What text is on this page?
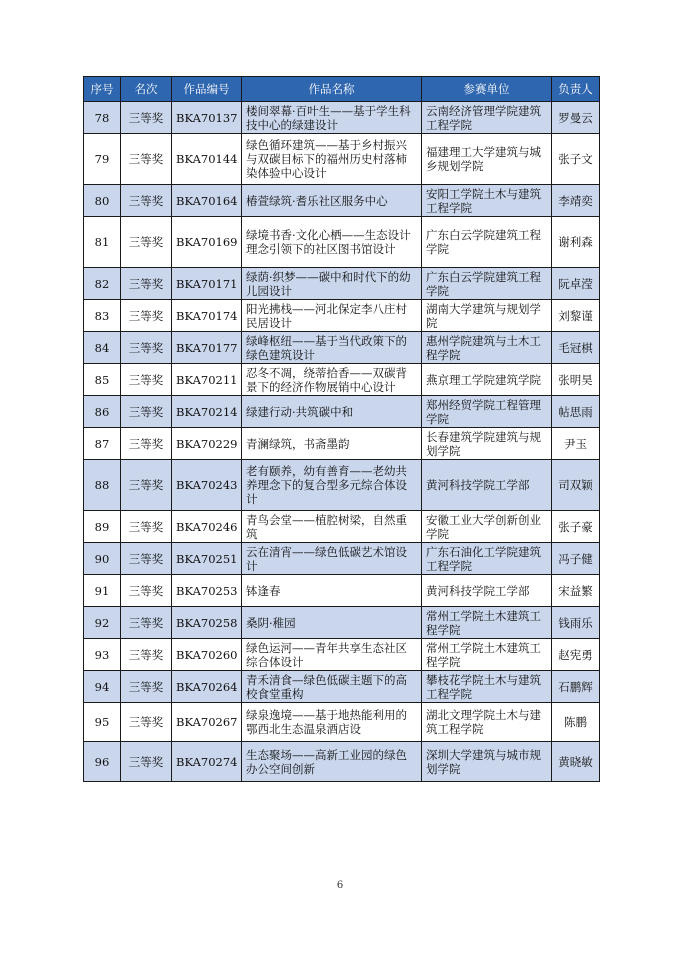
序号	名次	作品编号	作品名称	参赛单位	负责人
78	三等奖	BKA70137	楼间翠幕·百叶生——基于学生科技中心的绿建设计	云南经济管理学院建筑工程学院	罗曼云
79	三等奖	BKA70144	绿色循环建筑——基于乡村振兴与双碳目标下的福州历史村落柿染体验中心设计	福建理工大学建筑与城乡规划学院	张子文
80	三等奖	BKA70164	椿萱绿筑·耆乐社区服务中心	安阳工学院土木与建筑工程学院	李靖奕
81	三等奖	BKA70169	绿境书香·文化心栖——生态设计理念引领下的社区图书馆设计	广东白云学院建筑工程学院	谢利森
82	三等奖	BKA70171	绿荫·织梦——碳中和时代下的幼儿园设计	广东白云学院建筑工程学院	阮卓滢
83	三等奖	BKA70174	阳光拂栈——河北保定李八庄村民居设计	湖南大学建筑与规划学院	刘黎谨
84	三等奖	BKA70177	绿峰枢纽——基于当代政策下的绿色建筑设计	惠州学院建筑与土木工程学院	毛冠棋
85	三等奖	BKA70211	忍冬不凋，绕蒂拾香——双碳背景下的经济作物展销中心设计	燕京理工学院建筑学院	张明昊
86	三等奖	BKA70214	绿建行动·共筑碳中和	郑州经贸学院工程管理学院	帖思雨
87	三等奖	BKA70229	青澜绿筑，书斋墨韵	长春建筑学院建筑与规划学院	尹玉
88	三等奖	BKA70243	老有颐养，幼有善育——老幼共养理念下的复合型多元综合体设计	黄河科技学院工学部	司双颖
89	三等奖	BKA70246	青鸟会堂——植腔树梁，自然重筑	安徽工业大学创新创业学院	张子豪
90	三等奖	BKA70251	云在清宵——绿色低碳艺术馆设计	广东石油化工学院建筑工程学院	冯子健
91	三等奖	BKA70253	钵逢春	黄河科技学院工学部	宋益繁
92	三等奖	BKA70258	桑阴·稚园	常州工学院土木建筑工程学院	钱雨乐
93	三等奖	BKA70260	绿色运河——青年共享生态社区综合体设计	常州工学院土木建筑工程学院	赵宪勇
94	三等奖	BKA70264	青禾清食—绿色低碳主题下的高校食堂重构	攀枝花学院土木与建筑工程学院	石鹏辉
95	三等奖	BKA70267	绿泉逸境——基于地热能利用的鄂西北生态温泉酒店设	湖北文理学院土木与建筑工程学院	陈鹏
96	三等奖	BKA70274	生态聚场——高新工业园的绿色办公空间创新	深圳大学建筑与城市规划学院	黄晓敏
6
